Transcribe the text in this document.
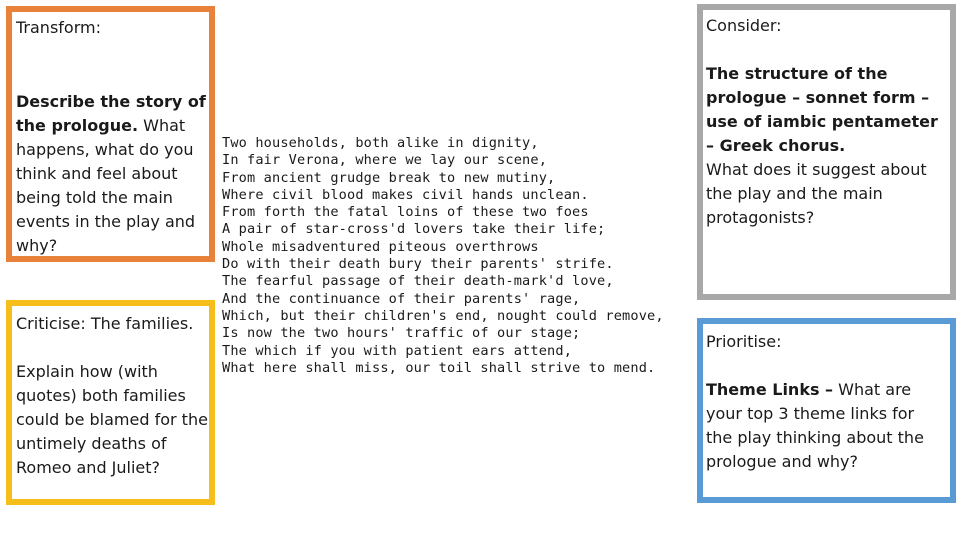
Transform:
Describe the story of the prologue. What happens, what do you think and feel about being told the main events in the play and why?
Criticise: The families.
Explain how (with quotes) both families could be blamed for the untimely deaths of Romeo and Juliet?
Two households, both alike in dignity,
In fair Verona, where we lay our scene,
From ancient grudge break to new mutiny,
Where civil blood makes civil hands unclean.
From forth the fatal loins of these two foes
A pair of star-cross'd lovers take their life;
Whole misadventured piteous overthrows
Do with their death bury their parents' strife.
The fearful passage of their death-mark'd love,
And the continuance of their parents' rage,
Which, but their children's end, nought could remove,
Is now the two hours' traffic of our stage;
The which if you with patient ears attend,
What here shall miss, our toil shall strive to mend.
Consider:
The structure of the prologue – sonnet form – use of iambic pentameter – Greek chorus.
What does it suggest about the play and the main protagonists?
Prioritise:
Theme Links – What are your top 3 theme links for the play thinking about the prologue and why?
